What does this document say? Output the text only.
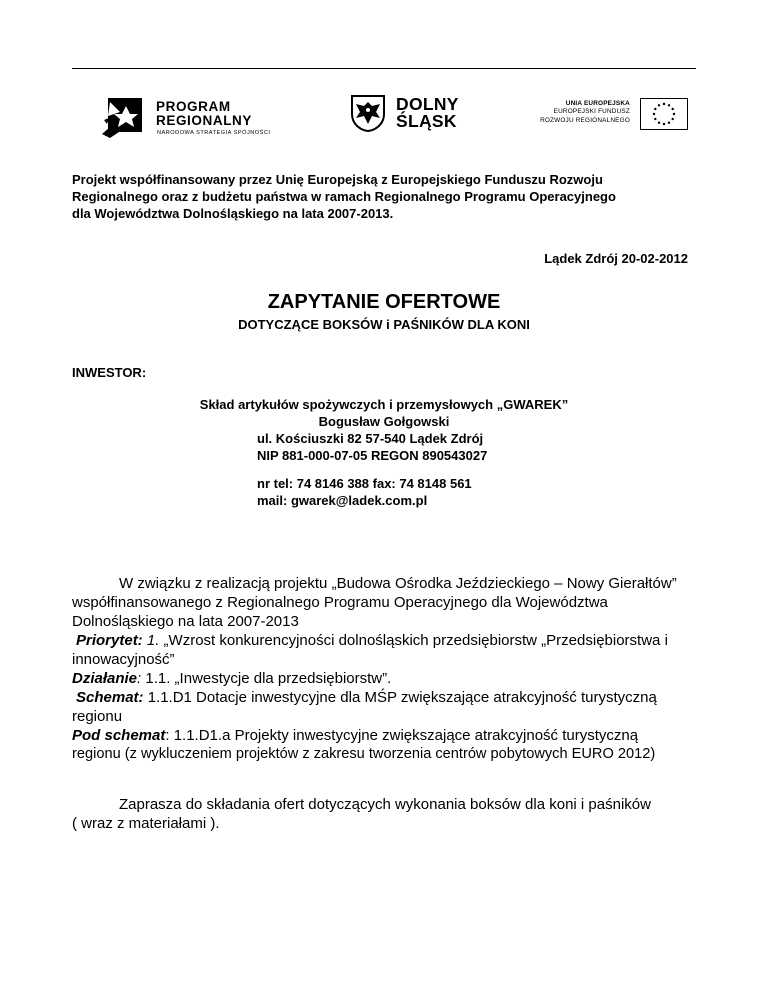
PROGRAM
REGIONALNY
NARODOWA STRATEGIA SPÓJNOŚCI
DOLNY
ŚLĄSK
UNIA EUROPEJSKA
EUROPEJSKI FUNDUSZ
ROZWOJU REGIONALNEGO
Projekt współfinansowany przez Unię Europejską z Europejskiego Funduszu Rozwoju
Regionalnego oraz z budżetu państwa w ramach Regionalnego Programu Operacyjnego
dla Województwa Dolnośląskiego na lata 2007-2013.
Lądek Zdrój 20-02-2012
ZAPYTANIE OFERTOWE
DOTYCZĄCE BOKSÓW i PAŚNIKÓW DLA KONI
INWESTOR:
Skład artykułów spożywczych i przemysłowych „GWAREK”
Bogusław Gołgowski
ul. Kościuszki 82 57-540 Lądek Zdrój
NIP 881-000-07-05 REGON 890543027
nr tel: 74 8146 388 fax: 74 8148 561
mail: gwarek@ladek.com.pl
W związku z realizacją projektu „Budowa Ośrodka Jeździeckiego – Nowy Gierałtów”
współfinansowanego z Regionalnego Programu Operacyjnego dla Województwa
Dolnośląskiego na lata 2007-2013
Priorytet: 1. „Wzrost konkurencyjności dolnośląskich przedsiębiorstw „Przedsiębiorstwa i
innowacyjność”
Działanie: 1.1. „Inwestycje dla przedsiębiorstw”.
Schemat: 1.1.D1 Dotacje inwestycyjne dla MŚP zwiększające atrakcyjność turystyczną
regionu
Pod schemat: 1.1.D1.a Projekty inwestycyjne zwiększające atrakcyjność turystyczną
regionu (z wykluczeniem projektów z zakresu tworzenia centrów pobytowych EURO 2012)
Zaprasza do składania ofert dotyczących wykonania boksów dla koni i paśników
( wraz z materiałami ).
